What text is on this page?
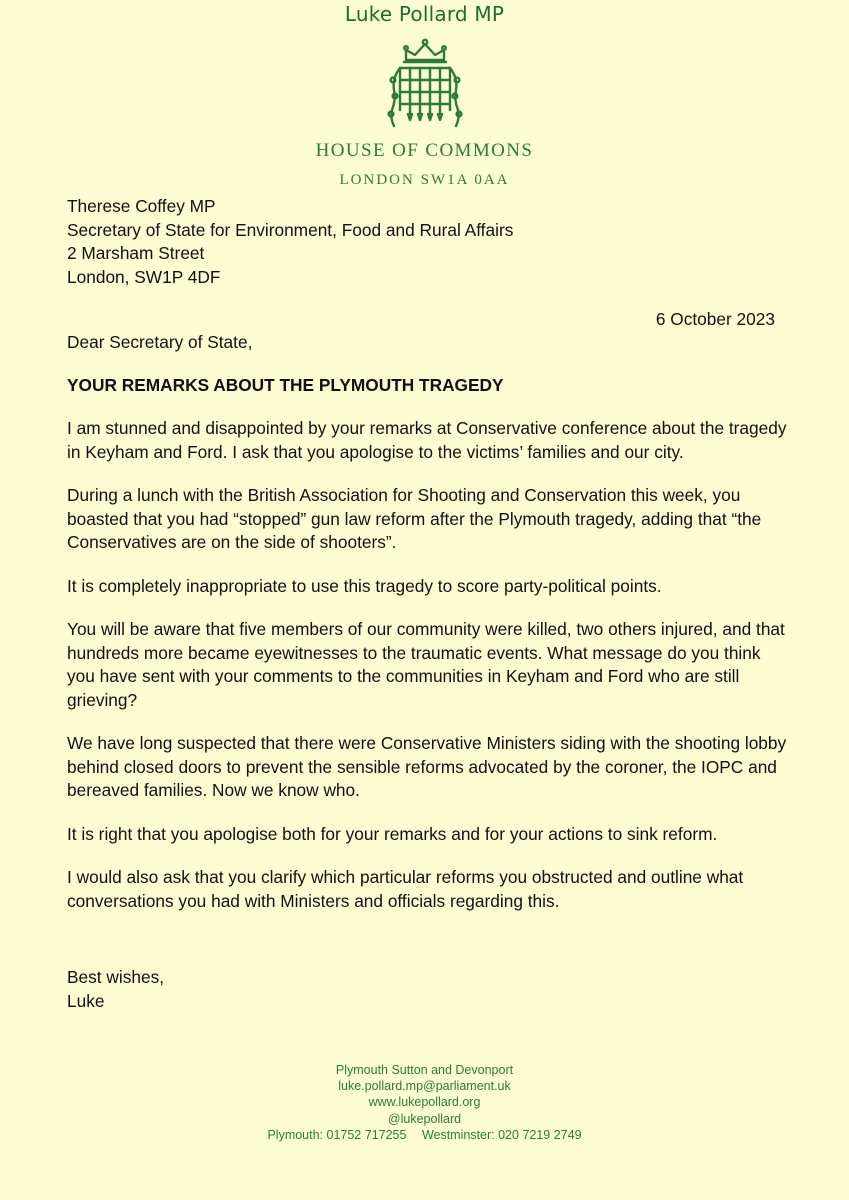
Luke Pollard MP
HOUSE OF COMMONS
LONDON SW1A 0AA
Therese Coffey MP
Secretary of State for Environment, Food and Rural Affairs
2 Marsham Street
London, SW1P 4DF
6 October 2023
Dear Secretary of State,
YOUR REMARKS ABOUT THE PLYMOUTH TRAGEDY

I am stunned and disappointed by your remarks at Conservative conference about the tragedy in Keyham and Ford. I ask that you apologise to the victims’ families and our city.

During a lunch with the British Association for Shooting and Conservation this week, you boasted that you had “stopped” gun law reform after the Plymouth tragedy, adding that “the Conservatives are on the side of shooters”.

It is completely inappropriate to use this tragedy to score party-political points.

You will be aware that five members of our community were killed, two others injured, and that hundreds more became eyewitnesses to the traumatic events. What message do you think you have sent with your comments to the communities in Keyham and Ford who are still grieving?

We have long suspected that there were Conservative Ministers siding with the shooting lobby behind closed doors to prevent the sensible reforms advocated by the coroner, the IOPC and bereaved families. Now we know who.

It is right that you apologise both for your remarks and for your actions to sink reform.

I would also ask that you clarify which particular reforms you obstructed and outline what conversations you had with Ministers and officials regarding this.

Best wishes,
Luke
Plymouth Sutton and Devonport
luke.pollard.mp@parliament.uk
www.lukepollard.org
@lukepollard
Plymouth: 01752 717255 Westminster: 020 7219 2749
